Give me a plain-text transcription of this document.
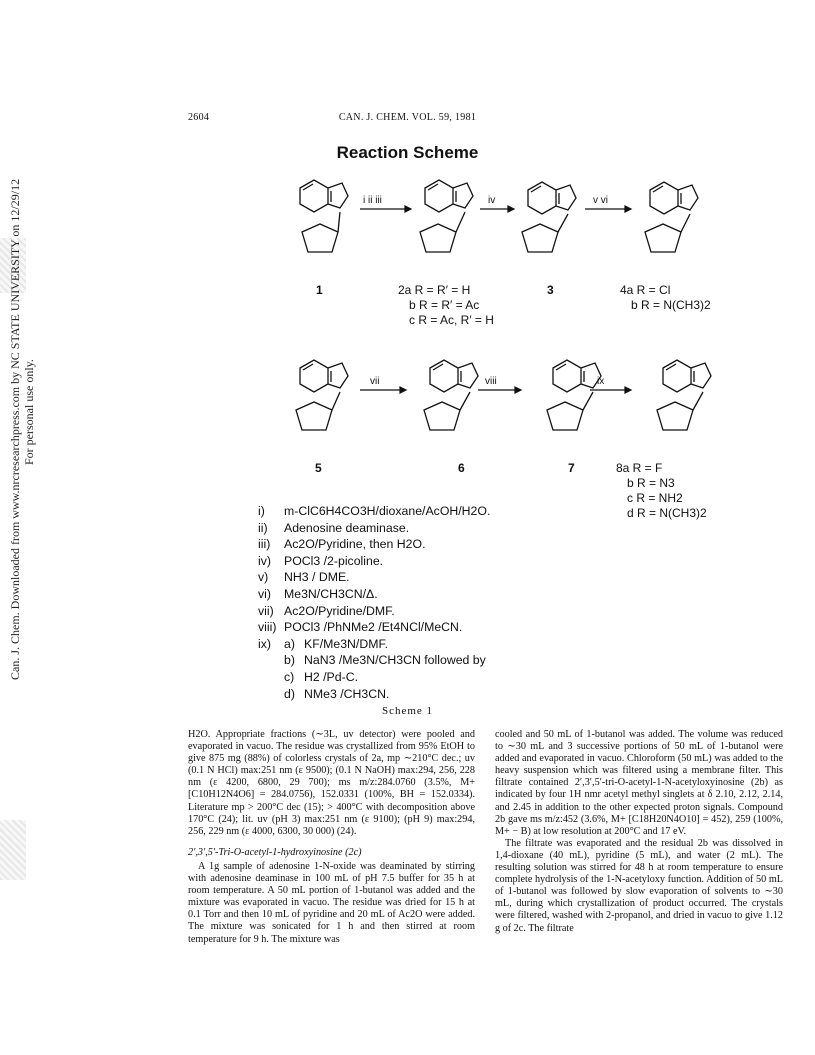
Can. J. Chem. Downloaded from www.nrcresearchpress.com by NC STATE UNIVERSITY on 12/29/12 For personal use only.
2604	CAN. J. CHEM. VOL. 59, 1981
Reaction Scheme
i ii iii	iv	v vi
vii	viii	ix
1	3
5	6	7
2a R = R′ = H
b R = R′ = Ac
c R = Ac, R′ = H
4a R = Cl
b R = N(CH3)2
8a R = F
b R = N3
c R = NH2
d R = N(CH3)2
i)	m-ClC6H4CO3H/dioxane/AcOH/H2O.
ii)	Adenosine deaminase.
iii)	Ac2O/Pyridine, then H2O.
iv)	POCl3 /2-picoline.
v)	NH3 / DME.
vi)	Me3N/CH3CN/Δ.
vii) Ac2O/Pyridine/DMF.
viii) POCl3 /PhNMe2 /Et4NCl/MeCN.
ix)	a) KF/Me3N/DMF.
b) NaN3 /Me3N/CH3CN followed by
c) H2 /Pd-C.
d) NMe3 /CH3CN.
Scheme 1

H2O. Appropriate fractions (∼3L, uv detector) were pooled and evaporated in vacuo. The residue was crystallized from 95% EtOH to give 875 mg (88%) of colorless crystals of 2a, mp ∼210°C dec.; uv (0.1 N HCl) max:251 nm (ε 9500); (0.1 N NaOH) max:294, 256, 228 nm (ε 4200, 6800, 29 700); ms m/z:284.0760 (3.5%, M+ [C10H12N4O6] = 284.0756), 152.0331 (100%, BH = 152.0334). Literature mp > 200°C dec (15); > 400°C with decomposition above 170°C (24); lit. uv (pH 3) max:251 nm (ε 9100); (pH 9) max:294, 256, 229 nm (ε 4000, 6300, 30 000) (24).

2′,3′,5′-Tri-O-acetyl-1-hydroxyinosine (2c)

A 1g sample of adenosine 1-N-oxide was deaminated by stirring with adenosine deaminase in 100 mL of pH 7.5 buffer for 35 h at room temperature. A 50 mL portion of 1-butanol was added and the mixture was evaporated in vacuo. The residue was dried for 15 h at 0.1 Torr and then 10 mL of pyridine and 20 mL of Ac2O were added. The mixture was sonicated for 1 h and then stirred at room temperature for 9 h. The mixture was

cooled and 50 mL of 1-butanol was added. The volume was reduced to ∼30 mL and 3 successive portions of 50 mL of 1-butanol were added and evaporated in vacuo. Chloroform (50 mL) was added to the heavy suspension which was filtered using a membrane filter. This filtrate contained 2′,3′,5′-tri-O-acetyl-1-N-acetyloxyinosine (2b) as indicated by four 1H nmr acetyl methyl singlets at δ 2.10, 2.12, 2.14, and 2.45 in addition to the other expected proton signals. Compound 2b gave ms m/z:452 (3.6%, M+ [C18H20N4O10] = 452), 259 (100%, M+ − B) at low resolution at 200°C and 17 eV.

The filtrate was evaporated and the residual 2b was dissolved in 1,4-dioxane (40 mL), pyridine (5 mL), and water (2 mL). The resulting solution was stirred for 48 h at room temperature to ensure complete hydrolysis of the 1-N-acetyloxy function. Addition of 50 mL of 1-butanol was followed by slow evaporation of solvents to ∼30 mL, during which crystallization of product occurred. The crystals were filtered, washed with 2-propanol, and dried in vacuo to give 1.12 g of 2c. The filtrate
